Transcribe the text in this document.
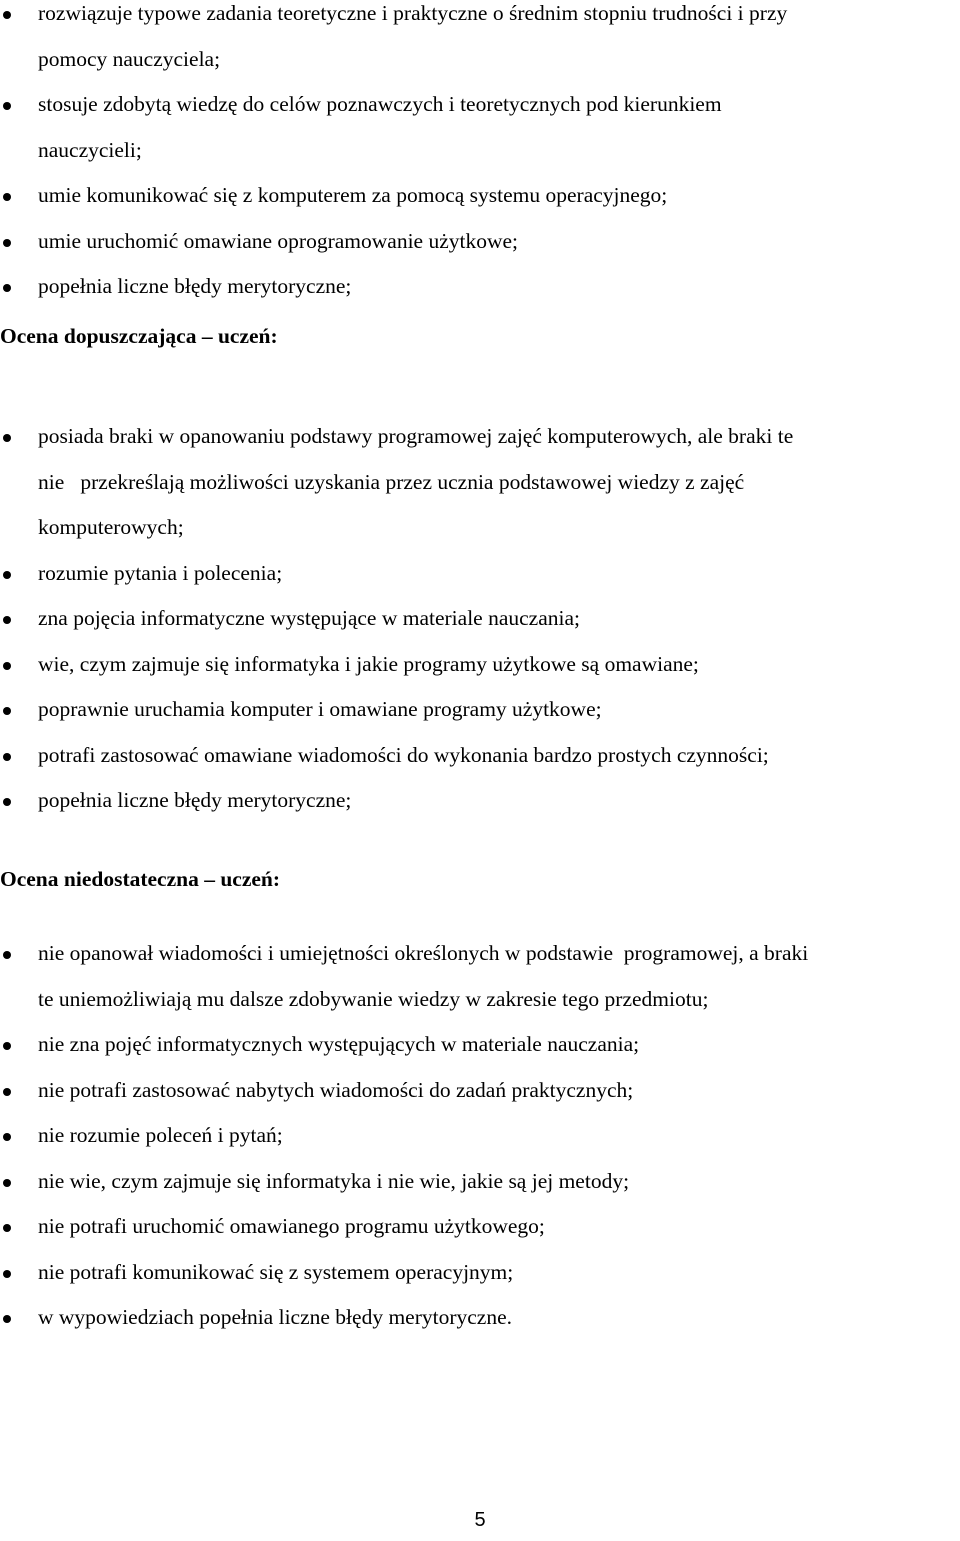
rozwiązuje typowe zadania teoretyczne i praktyczne o średnim stopniu trudności i przy
pomocy nauczyciela;
stosuje zdobytą wiedzę do celów poznawczych i teoretycznych pod kierunkiem
nauczycieli;
umie komunikować się z komputerem za pomocą systemu operacyjnego;
umie uruchomić omawiane oprogramowanie użytkowe;
popełnia liczne błędy merytoryczne;
Ocena dopuszczająca – uczeń:
posiada braki w opanowaniu podstawy programowej zajęć komputerowych, ale braki te
nie   przekreślają możliwości uzyskania przez ucznia podstawowej wiedzy z zajęć
komputerowych;
rozumie pytania i polecenia;
zna pojęcia informatyczne występujące w materiale nauczania;
wie, czym zajmuje się informatyka i jakie programy użytkowe są omawiane;
poprawnie uruchamia komputer i omawiane programy użytkowe;
potrafi zastosować omawiane wiadomości do wykonania bardzo prostych czynności;
popełnia liczne błędy merytoryczne;
Ocena niedostateczna – uczeń:
nie opanował wiadomości i umiejętności określonych w podstawie  programowej, a braki
te uniemożliwiają mu dalsze zdobywanie wiedzy w zakresie tego przedmiotu;
nie zna pojęć informatycznych występujących w materiale nauczania;
nie potrafi zastosować nabytych wiadomości do zadań praktycznych;
nie rozumie poleceń i pytań;
nie wie, czym zajmuje się informatyka i nie wie, jakie są jej metody;
nie potrafi uruchomić omawianego programu użytkowego;
nie potrafi komunikować się z systemem operacyjnym;
w wypowiedziach popełnia liczne błędy merytoryczne.
5
